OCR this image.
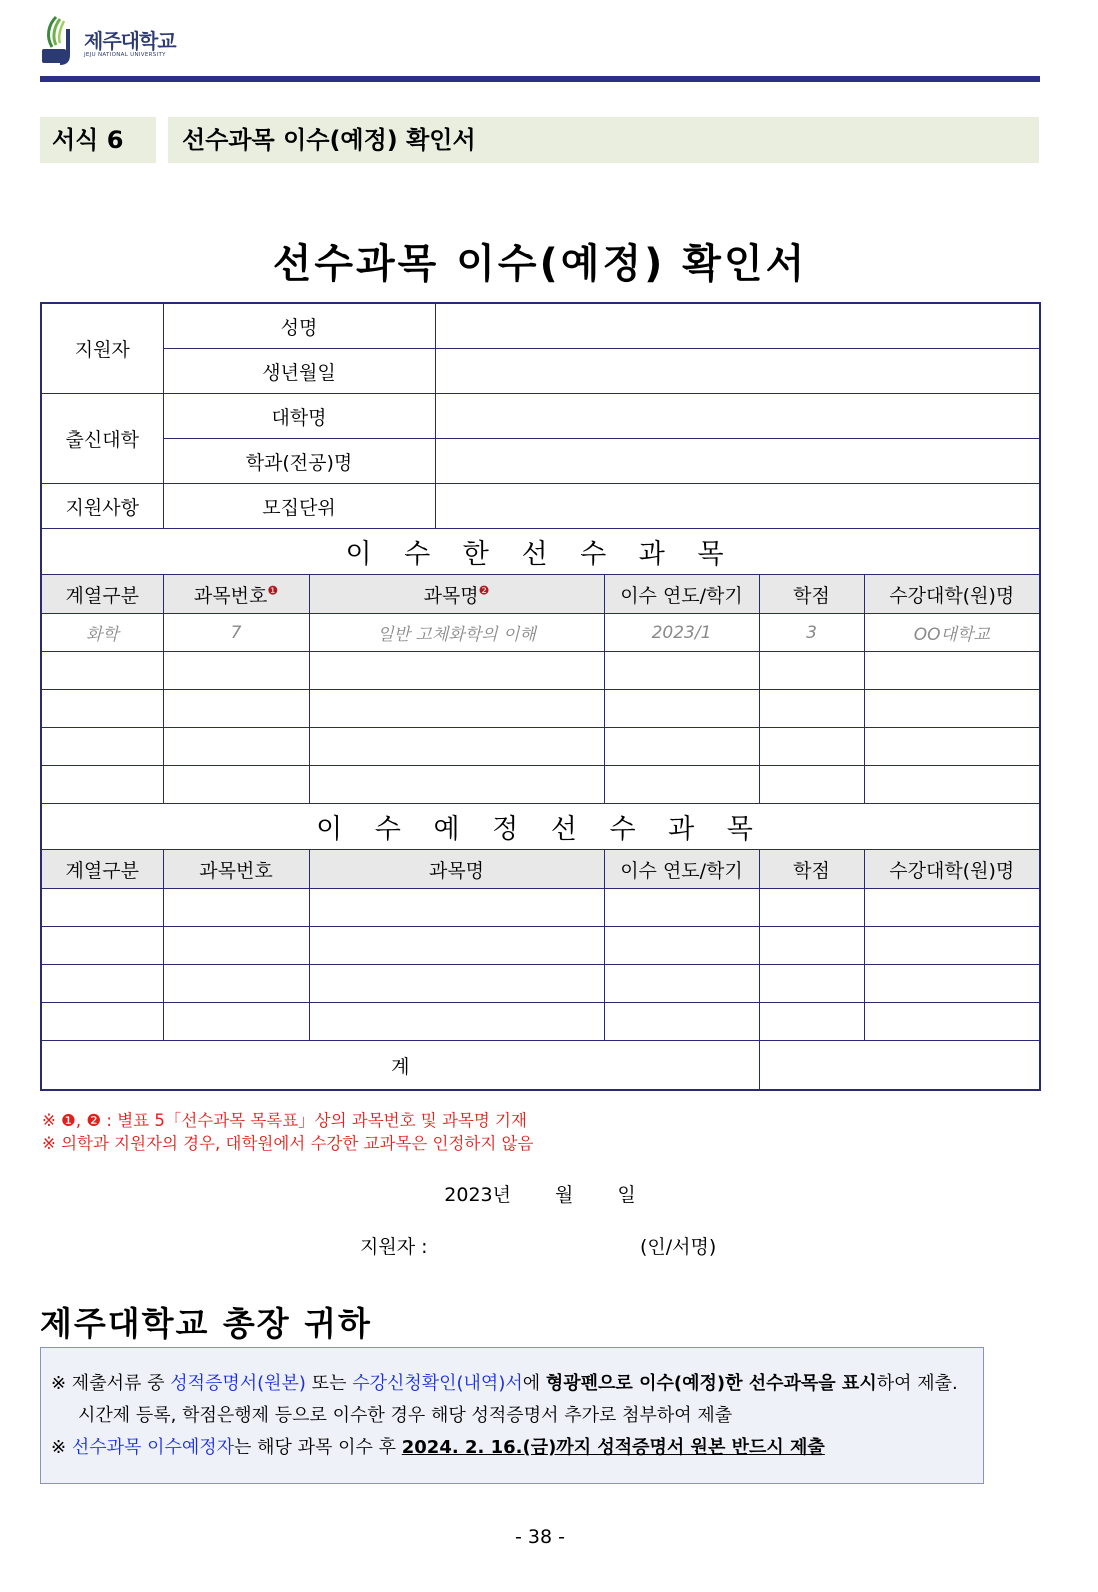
제주대학교
JEJU NATIONAL UNIVERSITY
서식 6	선수과목 이수(예정) 확인서
선수과목 이수(예정) 확인서
지원자	성명					
	생년월일					
출신대학	대학명					
	학과(전공)명					
지원사항	모집단위					
이 수 한 선 수 과 목						
계열구분	과목번호$^❶$	과목명$^❷$		이수 연도/학기	학점	수강대학(원)명
화학	7	일반 고체화학의 이해		2023/1	3	OO대학교

이 수 예 정 선 수 과 목						
계열구분	과목번호	과목명		이수 연도/학기	학점	수강대학(원)명

계						
※ ❶, ❷ : 별표 5「선수과목 목록표」상의 과목번호 및 과목명 기재
※ 의학과 지원자의 경우, 대학원에서 수강한 교과목은 인정하지 않음
2023년 월 일
지원자 :	(인/서명)
제주대학교 총장 귀하
※ 제출서류 중 성적증명서(원본) 또는 수강신청확인(내역)서에 형광펜으로 이수(예정)한 선수과목을 표시하여 제출.
시간제 등록, 학점은행제 등으로 이수한 경우 해당 성적증명서 추가로 첨부하여 제출
※ 선수과목 이수예정자는 해당 과목 이수 후 2024. 2. 16.(금)까지 성적증명서 원본 반드시 제출
- 38 -
